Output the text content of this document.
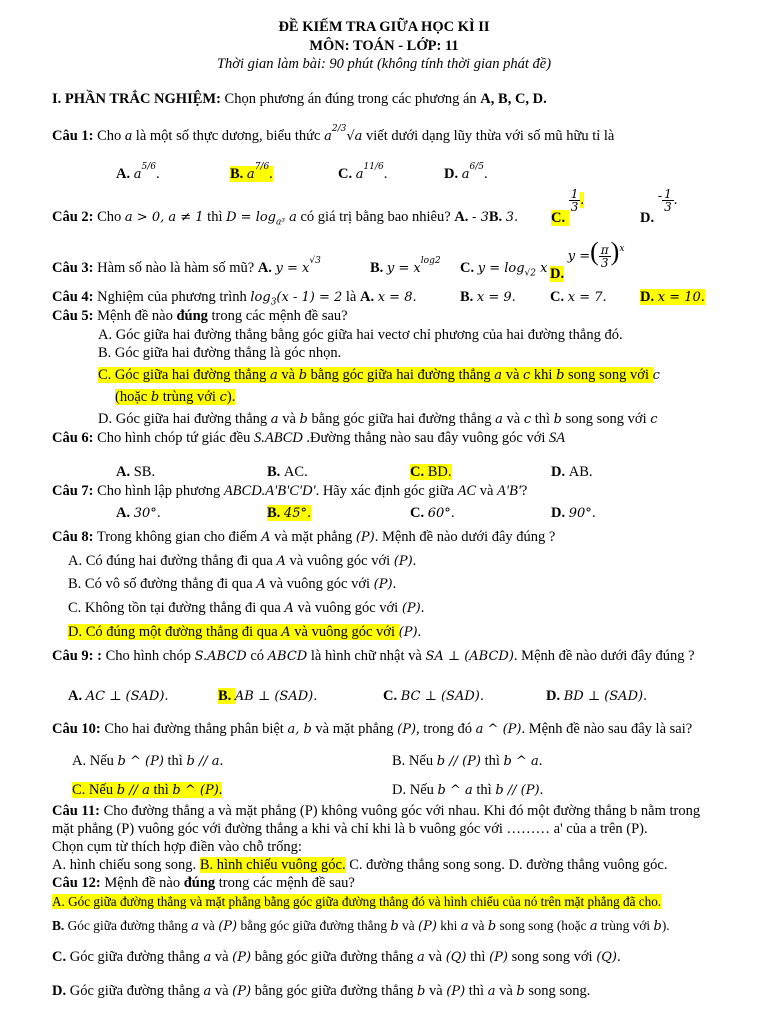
ĐỀ KIẾM TRA GIỮA HỌC KÌ II
MÔN: TOÁN - LỚP: 11
Thời gian làm bài: 90 phút (không tính thời gian phát đề)
I. PHẦN TRẮC NGHIỆM: Chọn phương án đúng trong các phương án A, B, C, D.
Câu 1: Cho a là một số thực dương, biểu thức $a^{2/3}√a$ viết dưới dạng lũy thừa với số mũ hữu tỉ là
A. $a^{5/6}$.	B. $a^{7/6}$.	C. $a^{11/6}$.	D. $a^{6/5}$.
Câu 2: Cho a > 0, a ≠ 1 thì $D = \log_{a^3} a$ có giá trị bằng bao nhiêu? A. - 3B. 3. C.
$\frac{1}{3}$ .
D. - $\frac{1}{3}$ .
Câu 3: Hàm số nào là hàm số mũ? A. $y = x^{√3}$	B. $y = x^{log2}$ C. $y = \log_{√2} x$ D. y =( $\frac{\pi}{3} )^x$
Câu 4: Nghiệm của phương trình $\log_3(x - 1) = 2$ là A. x = 8.	B. x = 9. C. x = 7. D. x = 10.
Câu 5: Mệnh đề nào đúng trong các mệnh đề sau?
A. Góc giữa hai đường thẳng bằng góc giữa hai vectơ chỉ phương của hai đường thẳng đó.
B. Góc giữa hai đường thẳng là góc nhọn.
C. Góc giữa hai đường thẳng a và b bằng góc giữa hai đường thẳng a và c khi b song song với c
(hoặc b trùng với c).
D. Góc giữa hai đường thẳng a và b bằng góc giữa hai đường thẳng a và c thì b song song với c
Câu 6: Cho hình chóp tứ giác đều S.ABCD .Đường thẳng nào sau đây vuông góc với SA
A. SB.	B. AC.	C. BD.	D. AB.
Câu 7: Cho hình lập phương ABCD.A'B'C'D'. Hãy xác định góc giữa AC và A'B'?
A. 30°.	B. 45°.	C. 60°.	D. 90°.
Câu 8: Trong không gian cho điểm A và mặt phẳng (P). Mệnh đề nào dưới đây đúng ?
A. Có đúng hai đường thẳng đi qua A và vuông góc với (P).
B. Có vô số đường thẳng đi qua A và vuông góc với (P).
C. Không tồn tại đường thẳng đi qua A và vuông góc với (P).
D. Có đúng một đường thẳng đi qua A và vuông góc với (P).
Câu 9: : Cho hình chóp S.ABCD có ABCD là hình chữ nhật và SA ⊥ (ABCD). Mệnh đề nào dưới đây đúng ?
A. AC ⊥ (SAD).	B. AB ⊥ (SAD).	C. BC ⊥ (SAD).	D. BD ⊥ (SAD).
Câu 10: Cho hai đường thẳng phân biệt a, b và mặt phẳng (P), trong đó a ^ (P). Mệnh đề nào sau đây là sai?
A. Nếu b ^ (P) thì b // a.	B. Nếu b // (P) thì b ^ a.
C. Nếu b // a thì b ^ (P).	D. Nếu b ^ a thì b // (P).
Câu 11: Cho đường thẳng a và mặt phẳng (P) không vuông góc với nhau. Khi đó một đường thẳng b nằm trong
mặt phẳng (P) vuông góc với đường thẳng a khi và chỉ khi là b vuông góc với ……… a' của a trên (P).
Chọn cụm từ thích hợp điền vào chỗ trống:
A. hình chiếu song song. B. hình chiếu vuông góc. C. đường thẳng song song. D. đường thẳng vuông góc.
Câu 12: Mệnh đề nào đúng trong các mệnh đề sau?
A. Góc giữa đường thẳng và mặt phẳng bằng góc giữa đường thẳng đó và hình chiếu của nó trên mặt phẳng đã cho.
B. Góc giữa đường thẳng a và (P) bằng góc giữa đường thẳng b và (P) khi a và b song song (hoặc a trùng với b).
C. Góc giữa đường thẳng a và (P) bằng góc giữa đường thẳng a và (Q) thì (P) song song với (Q).
D. Góc giữa đường thẳng a và (P) bằng góc giữa đường thẳng b và (P) thì a và b song song.
